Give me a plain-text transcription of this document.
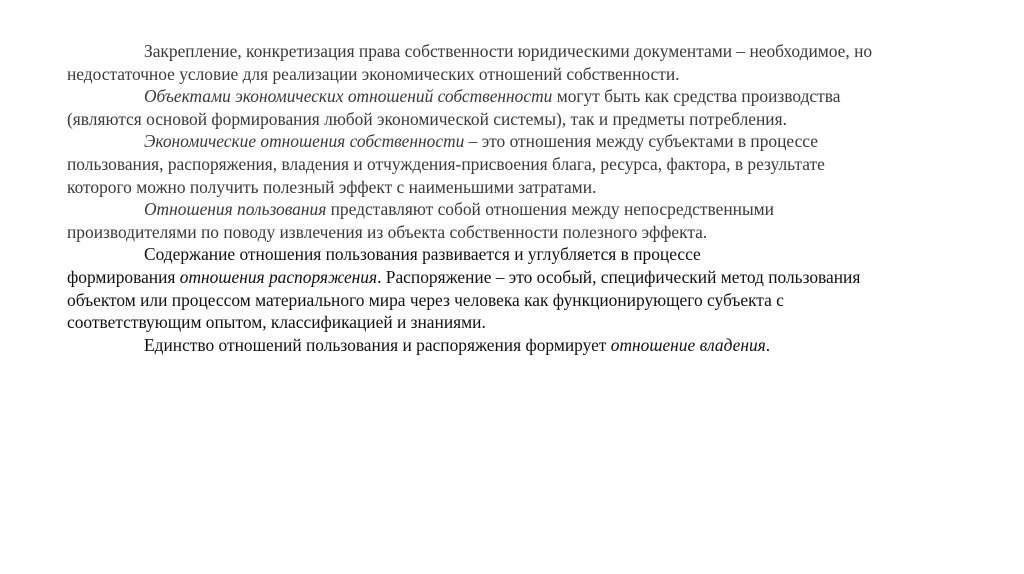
Закрепление, конкретизация права собственности юридическими документами – необходимое, но
недостаточное условие для реализации экономических отношений собственности.

Объектами экономических отношений собственности могут быть как средства производства
(являются основой формирования любой экономической системы), так и предметы потребления.

Экономические отношения собственности – это отношения между субъектами в процессе
пользования, распоряжения, владения и отчуждения-присвоения блага, ресурса, фактора, в результате
которого можно получить полезный эффект с наименьшими затратами.

Отношения пользования представляют собой отношения между непосредственными
производителями по поводу извлечения из объекта собственности полезного эффекта.

Содержание отношения пользования развивается и углубляется в процессе
формирования отношения распоряжения. Распоряжение – это особый, специфический метод пользования
объектом или процессом материального мира через человека как функционирующего субъекта с
соответствующим опытом, классификацией и знаниями.

Единство отношений пользования и распоряжения формирует отношение владения.
